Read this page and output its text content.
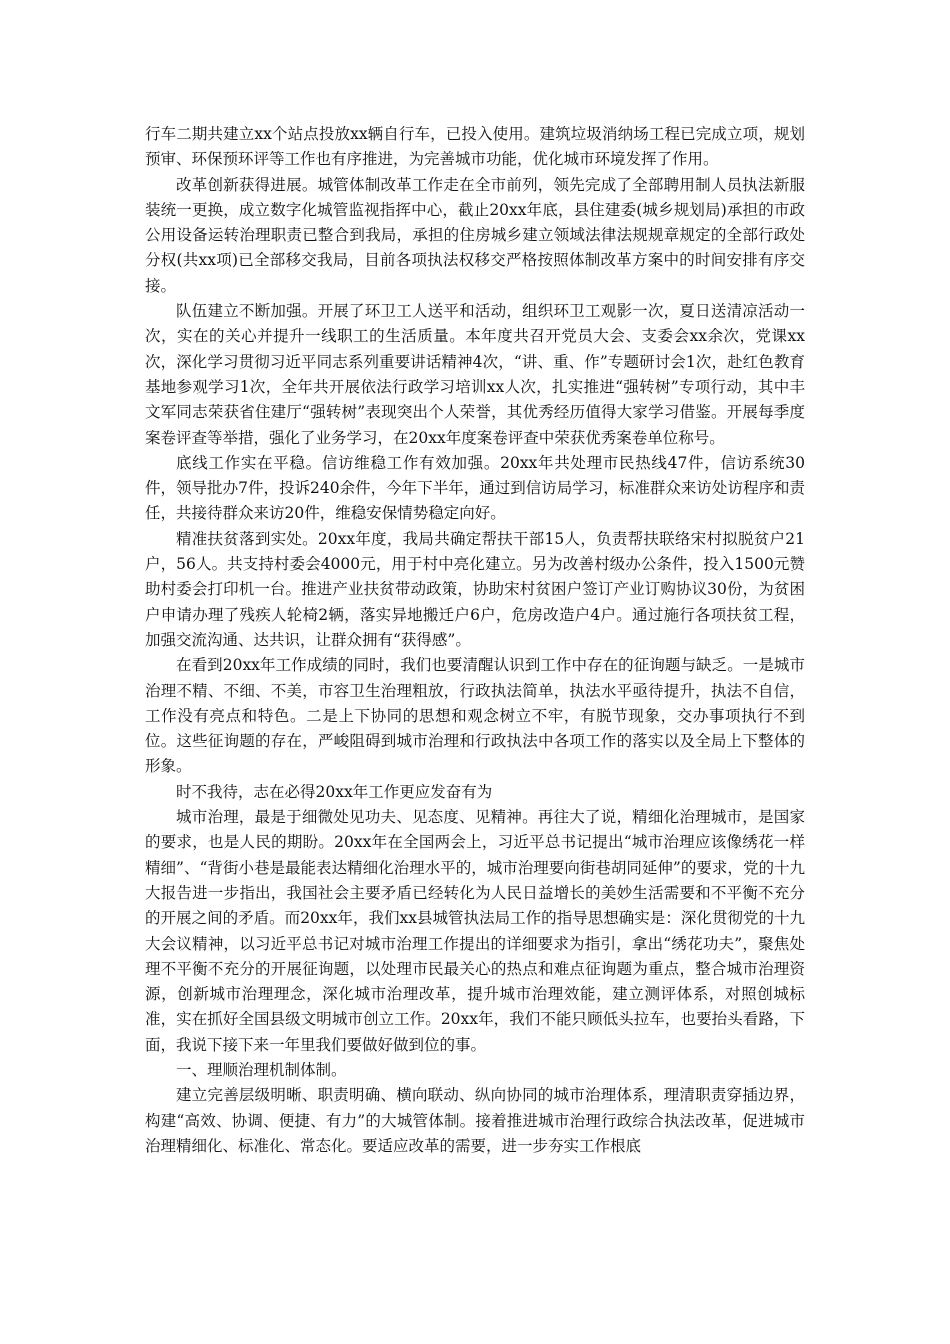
行车二期共建立xx个站点投放xx辆自行车，已投入使用。建筑垃圾消纳场工程已完成立项，规划预审、环保预环评等工作也有序推进，为完善城市功能，优化城市环境发挥了作用。

改革创新获得进展。城管体制改革工作走在全市前列，领先完成了全部聘用制人员执法新服装统一更换，成立数字化城管监视指挥中心，截止20xx年底，县住建委(城乡规划局)承担的市政公用设备运转治理职责已整合到我局，承担的住房城乡建立领域法律法规规章规定的全部行政处分权(共xx项)已全部移交我局，目前各项执法权移交严格按照体制改革方案中的时间安排有序交接。

队伍建立不断加强。开展了环卫工人送平和活动，组织环卫工观影一次，夏日送清凉活动一次，实在的关心并提升一线职工的生活质量。本年度共召开党员大会、支委会xx余次，党课xx次，深化学习贯彻习近平同志系列重要讲话精神4次，“讲、重、作”专题研讨会1次，赴红色教育基地参观学习1次，全年共开展依法行政学习培训xx人次，扎实推进“强转树”专项行动，其中丰文军同志荣获省住建厅“强转树”表现突出个人荣誉，其优秀经历值得大家学习借鉴。开展每季度案卷评查等举措，强化了业务学习，在20xx年度案卷评查中荣获优秀案卷单位称号。

底线工作实在平稳。信访维稳工作有效加强。20xx年共处理市民热线47件，信访系统30件，领导批办7件，投诉240余件，今年下半年，通过到信访局学习，标准群众来访处访程序和责任，共接待群众来访20件，维稳安保情势稳定向好。

精准扶贫落到实处。20xx年度，我局共确定帮扶干部15人，负责帮扶联络宋村拟脱贫户21户，56人。共支持村委会4000元，用于村中亮化建立。另为改善村级办公条件，投入1500元赞助村委会打印机一台。推进产业扶贫带动政策，协助宋村贫困户签订产业订购协议30份，为贫困户申请办理了残疾人轮椅2辆，落实异地搬迁户6户，危房改造户4户。通过施行各项扶贫工程，加强交流沟通、达共识，让群众拥有“获得感”。

在看到20xx年工作成绩的同时，我们也要清醒认识到工作中存在的征询题与缺乏。一是城市治理不精、不细、不美，市容卫生治理粗放，行政执法简单，执法水平亟待提升，执法不自信，工作没有亮点和特色。二是上下协同的思想和观念树立不牢，有脱节现象，交办事项执行不到位。这些征询题的存在，严峻阻碍到城市治理和行政执法中各项工作的落实以及全局上下整体的形象。

时不我待，志在必得20xx年工作更应发奋有为

城市治理，最是于细微处见功夫、见态度、见精神。再往大了说，精细化治理城市，是国家的要求，也是人民的期盼。20xx年在全国两会上，习近平总书记提出“城市治理应该像绣花一样精细”、“背街小巷是最能表达精细化治理水平的，城市治理要向街巷胡同延伸”的要求，党的十九大报告进一步指出，我国社会主要矛盾已经转化为人民日益增长的美妙生活需要和不平衡不充分的开展之间的矛盾。而20xx年，我们xx县城管执法局工作的指导思想确实是：深化贯彻党的十九大会议精神，以习近平总书记对城市治理工作提出的详细要求为指引，拿出“绣花功夫”，聚焦处理不平衡不充分的开展征询题，以处理市民最关心的热点和难点征询题为重点，整合城市治理资源，创新城市治理理念，深化城市治理改革，提升城市治理效能，建立测评体系，对照创城标准，实在抓好全国县级文明城市创立工作。20xx年，我们不能只顾低头拉车，也要抬头看路，下面，我说下接下来一年里我们要做好做到位的事。

一、理顺治理机制体制。

建立完善层级明晰、职责明确、横向联动、纵向协同的城市治理体系，理清职责穿插边界，构建“高效、协调、便捷、有力”的大城管体制。接着推进城市治理行政综合执法改革，促进城市治理精细化、标准化、常态化。要适应改革的需要，进一步夯实工作根底
